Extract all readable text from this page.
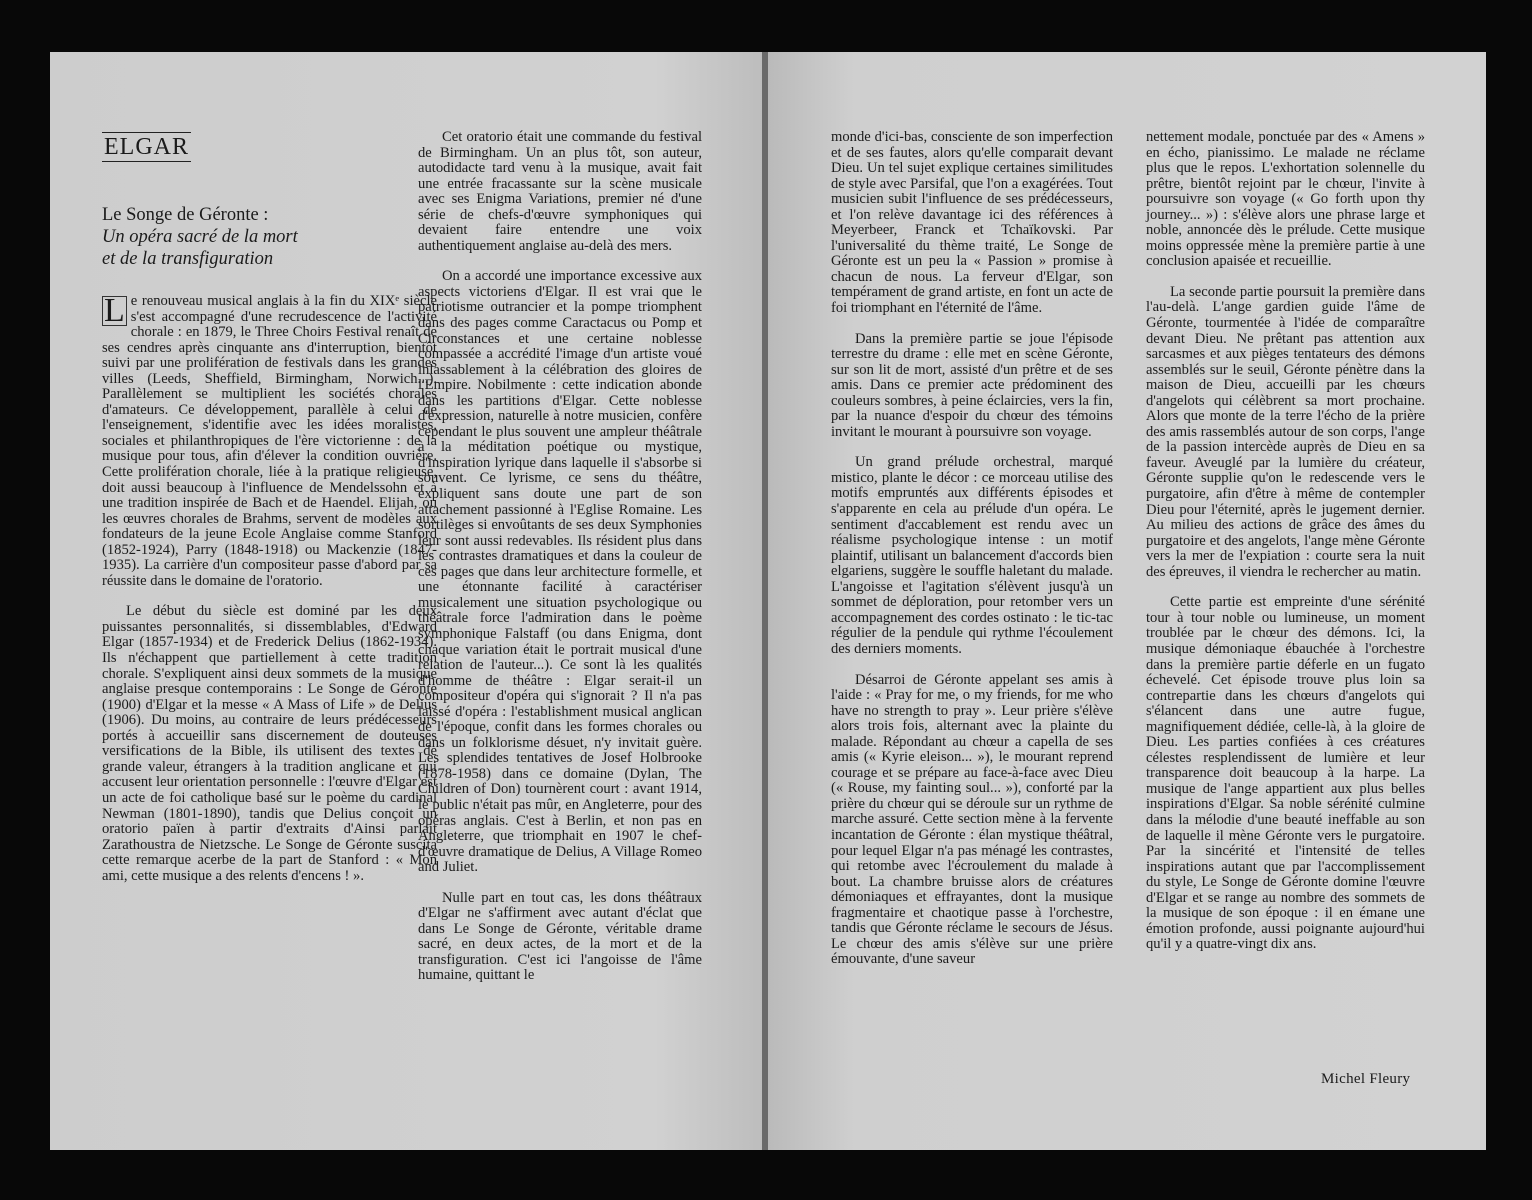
ELGAR
Le Songe de Géronte :
Un opéra sacré de la mort
et de la transfiguration

L e renouveau musical anglais à la fin du XIXᵉ siècle s'est accompagné d'une recrudescence de l'activité chorale : en 1879, le Three Choirs Festival renaît de ses cendres après cinquante ans d'interruption, bientôt suivi par une prolifération de festivals dans les grandes villes (Leeds, Sheffield, Birmingham, Norwich...). Parallèlement se multiplient les sociétés chorales d'amateurs. Ce développement, parallèle à celui de l'enseignement, s'identifie avec les idées moralistes, sociales et philanthropiques de l'ère victorienne : de la musique pour tous, afin d'élever la condition ouvrière. Cette prolifération chorale, liée à la pratique religieuse, doit aussi beaucoup à l'influence de Mendelssohn et à une tradition inspirée de Bach et de Haendel. Elijah, ou les œuvres chorales de Brahms, servent de modèles aux fondateurs de la jeune Ecole Anglaise comme Stanford (1852-1924), Parry (1848-1918) ou Mackenzie (1847-1935). La carrière d'un compositeur passe d'abord par sa réussite dans le domaine de l'oratorio.

Le début du siècle est dominé par les deux puissantes personnalités, si dissemblables, d'Edward Elgar (1857-1934) et de Frederick Delius (1862-1934). Ils n'échappent que partiellement à cette tradition chorale. S'expliquent ainsi deux sommets de la musique anglaise presque contemporains : Le Songe de Géronte (1900) d'Elgar et la messe « A Mass of Life » de Delius (1906). Du moins, au contraire de leurs prédécesseurs portés à accueillir sans discernement de douteuses versifications de la Bible, ils utilisent des textes de grande valeur, étrangers à la tradition anglicane et qui accusent leur orientation personnelle : l'œuvre d'Elgar est un acte de foi catholique basé sur le poème du cardinal Newman (1801-1890), tandis que Delius conçoit un oratorio païen à partir d'extraits d'Ainsi parlait Zarathoustra de Nietzsche. Le Songe de Géronte suscita cette remarque acerbe de la part de Stanford : « Mon ami, cette musique a des relents d'encens ! ».

Cet oratorio était une commande du festival de Birmingham. Un an plus tôt, son auteur, autodidacte tard venu à la musique, avait fait une entrée fracassante sur la scène musicale avec ses Enigma Variations, premier né d'une série de chefs-d'œuvre symphoniques qui devaient faire entendre une voix authentiquement anglaise au-delà des mers.

On a accordé une importance excessive aux aspects victoriens d'Elgar. Il est vrai que le patriotisme outrancier et la pompe triomphent dans des pages comme Caractacus ou Pomp et Circonstances et une certaine noblesse compassée a accrédité l'image d'un artiste voué inlassablement à la célébration des gloires de l'Empire. Nobilmente : cette indication abonde dans les partitions d'Elgar. Cette noblesse d'expression, naturelle à notre musicien, confère cependant le plus souvent une ampleur théâtrale à la méditation poétique ou mystique, d'inspiration lyrique dans laquelle il s'absorbe si souvent. Ce lyrisme, ce sens du théâtre, expliquent sans doute une part de son attachement passionné à l'Eglise Romaine. Les sortilèges si envoûtants de ses deux Symphonies leur sont aussi redevables. Ils résident plus dans les contrastes dramatiques et dans la couleur de ces pages que dans leur architecture formelle, et une étonnante facilité à caractériser musicalement une situation psychologique ou théâtrale force l'admiration dans le poème symphonique Falstaff (ou dans Enigma, dont chaque variation était le portrait musical d'une relation de l'auteur...). Ce sont là les qualités d'homme de théâtre : Elgar serait-il un compositeur d'opéra qui s'ignorait ? Il n'a pas laissé d'opéra : l'establishment musical anglican de l'époque, confit dans les formes chorales ou dans un folklorisme désuet, n'y invitait guère. Les splendides tentatives de Josef Holbrooke (1878-1958) dans ce domaine (Dylan, The Children of Don) tournèrent court : avant 1914, le public n'était pas mûr, en Angleterre, pour des opéras anglais. C'est à Berlin, et non pas en Angleterre, que triomphait en 1907 le chef-d'œuvre dramatique de Delius, A Village Romeo and Juliet.

Nulle part en tout cas, les dons théâtraux d'Elgar ne s'affirment avec autant d'éclat que dans Le Songe de Géronte, véritable drame sacré, en deux actes, de la mort et de la transfiguration. C'est ici l'angoisse de l'âme humaine, quittant le

monde d'ici-bas, consciente de son imperfection et de ses fautes, alors qu'elle comparait devant Dieu. Un tel sujet explique certaines similitudes de style avec Parsifal, que l'on a exagérées. Tout musicien subit l'influence de ses prédécesseurs, et l'on relève davantage ici des références à Meyerbeer, Franck et Tchaïkovski. Par l'universalité du thème traité, Le Songe de Géronte est un peu la « Passion » promise à chacun de nous. La ferveur d'Elgar, son tempérament de grand artiste, en font un acte de foi triomphant en l'éternité de l'âme.

Dans la première partie se joue l'épisode terrestre du drame : elle met en scène Géronte, sur son lit de mort, assisté d'un prêtre et de ses amis. Dans ce premier acte prédominent des couleurs sombres, à peine éclaircies, vers la fin, par la nuance d'espoir du chœur des témoins invitant le mourant à poursuivre son voyage.

Un grand prélude orchestral, marqué mistico, plante le décor : ce morceau utilise des motifs empruntés aux différents épisodes et s'apparente en cela au prélude d'un opéra. Le sentiment d'accablement est rendu avec un réalisme psychologique intense : un motif plaintif, utilisant un balancement d'accords bien elgariens, suggère le souffle haletant du malade. L'angoisse et l'agitation s'élèvent jusqu'à un sommet de déploration, pour retomber vers un accompagnement des cordes ostinato : le tic-tac régulier de la pendule qui rythme l'écoulement des derniers moments.

Désarroi de Géronte appelant ses amis à l'aide : « Pray for me, o my friends, for me who have no strength to pray ». Leur prière s'élève alors trois fois, alternant avec la plainte du malade. Répondant au chœur a capella de ses amis (« Kyrie eleison... »), le mourant reprend courage et se prépare au face-à-face avec Dieu (« Rouse, my fainting soul... »), conforté par la prière du chœur qui se déroule sur un rythme de marche assuré. Cette section mène à la fervente incantation de Géronte : élan mystique théâtral, pour lequel Elgar n'a pas ménagé les contrastes, qui retombe avec l'écroulement du malade à bout. La chambre bruisse alors de créatures démoniaques et effrayantes, dont la musique fragmentaire et chaotique passe à l'orchestre, tandis que Géronte réclame le secours de Jésus. Le chœur des amis s'élève sur une prière émouvante, d'une saveur

nettement modale, ponctuée par des « Amens » en écho, pianissimo. Le malade ne réclame plus que le repos. L'exhortation solennelle du prêtre, bientôt rejoint par le chœur, l'invite à poursuivre son voyage (« Go forth upon thy journey... ») : s'élève alors une phrase large et noble, annoncée dès le prélude. Cette musique moins oppressée mène la première partie à une conclusion apaisée et recueillie.

La seconde partie poursuit la première dans l'au-delà. L'ange gardien guide l'âme de Géronte, tourmentée à l'idée de comparaître devant Dieu. Ne prêtant pas attention aux sarcasmes et aux pièges tentateurs des démons assemblés sur le seuil, Géronte pénètre dans la maison de Dieu, accueilli par les chœurs d'angelots qui célèbrent sa mort prochaine. Alors que monte de la terre l'écho de la prière des amis rassemblés autour de son corps, l'ange de la passion intercède auprès de Dieu en sa faveur. Aveuglé par la lumière du créateur, Géronte supplie qu'on le redescende vers le purgatoire, afin d'être à même de contempler Dieu pour l'éternité, après le jugement dernier. Au milieu des actions de grâce des âmes du purgatoire et des angelots, l'ange mène Géronte vers la mer de l'expiation : courte sera la nuit des épreuves, il viendra le rechercher au matin.

Cette partie est empreinte d'une sérénité tour à tour noble ou lumineuse, un moment troublée par le chœur des démons. Ici, la musique démoniaque ébauchée à l'orchestre dans la première partie déferle en un fugato échevelé. Cet épisode trouve plus loin sa contrepartie dans les chœurs d'angelots qui s'élancent dans une autre fugue, magnifiquement dédiée, celle-là, à la gloire de Dieu. Les parties confiées à ces créatures célestes resplendissent de lumière et leur transparence doit beaucoup à la harpe. La musique de l'ange appartient aux plus belles inspirations d'Elgar. Sa noble sérénité culmine dans la mélodie d'une beauté ineffable au son de laquelle il mène Géronte vers le purgatoire. Par la sincérité et l'intensité de telles inspirations autant que par l'accomplissement du style, Le Songe de Géronte domine l'œuvre d'Elgar et se range au nombre des sommets de la musique de son époque : il en émane une émotion profonde, aussi poignante aujourd'hui qu'il y a quatre-vingt dix ans.

Michel Fleury
